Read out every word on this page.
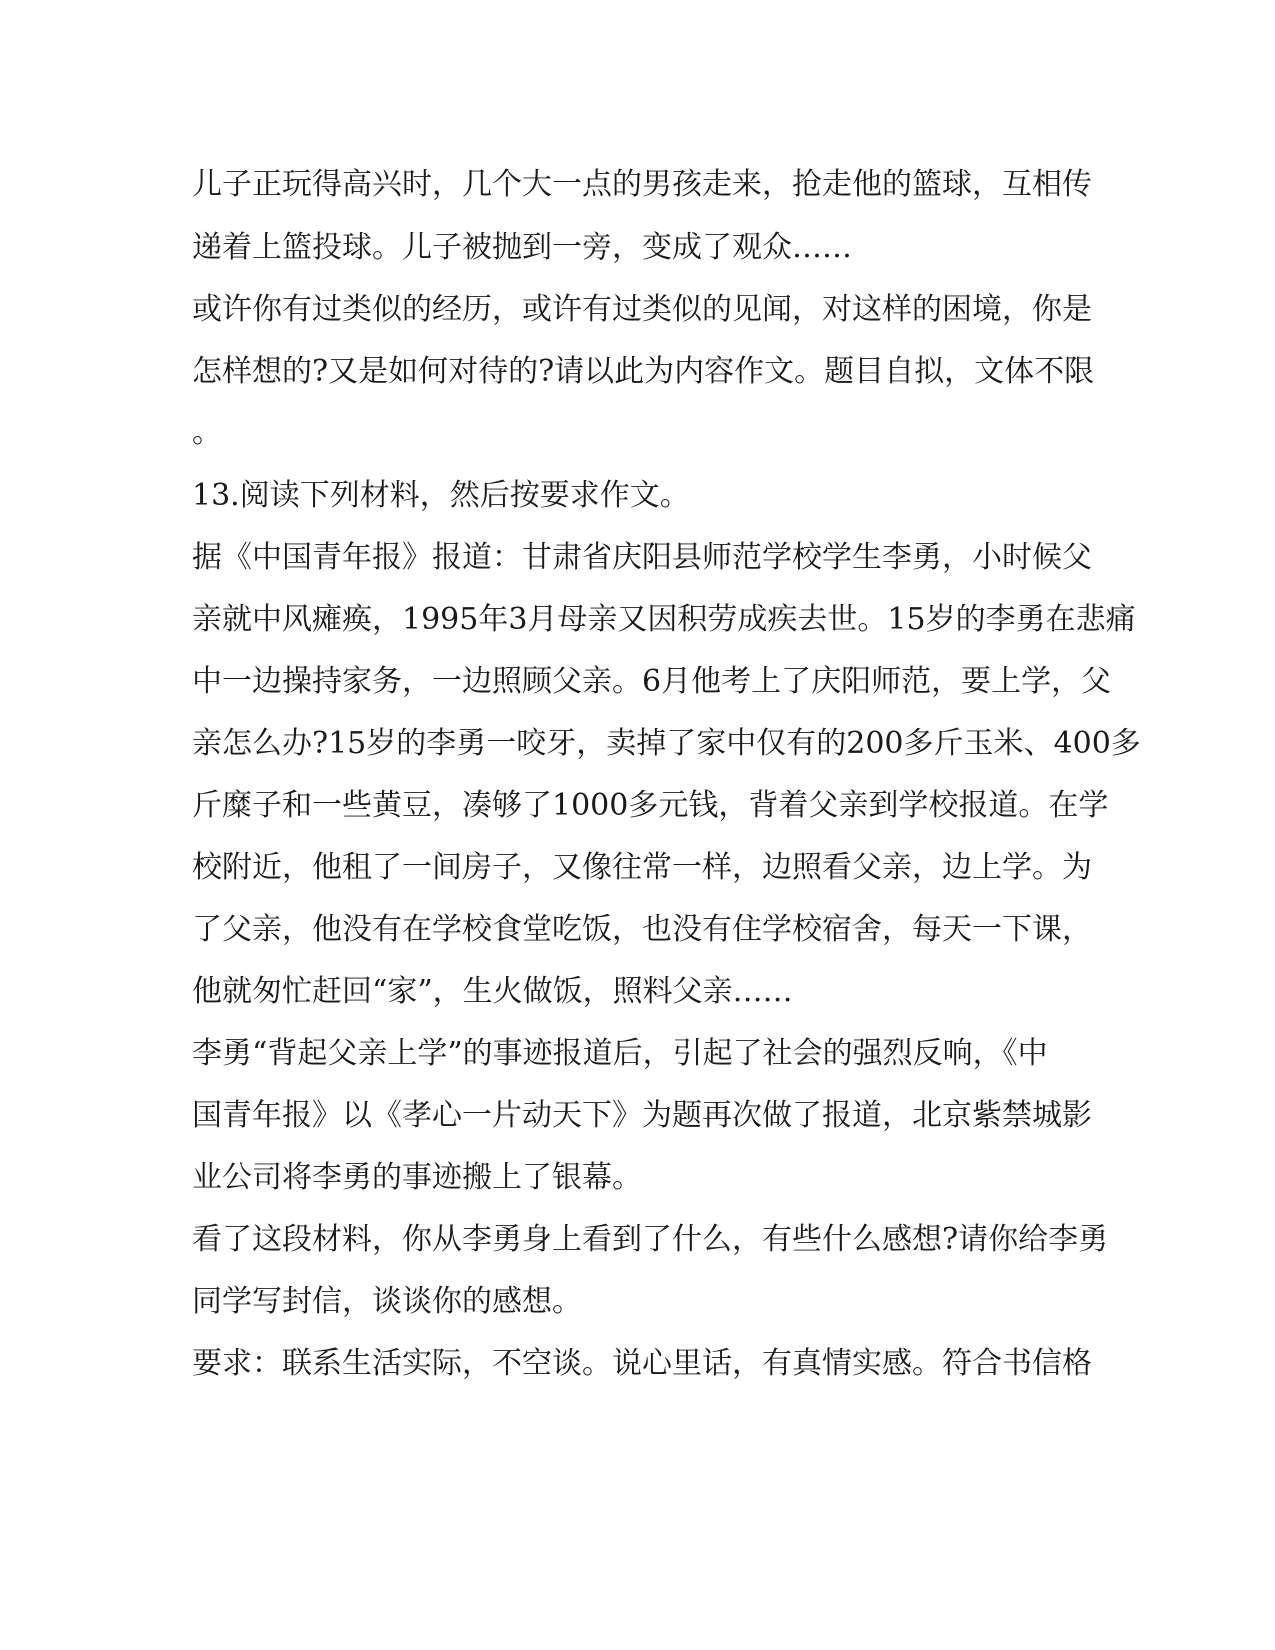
儿子正玩得高兴时，几个大一点的男孩走来，抢走他的篮球，互相传

递着上篮投球。儿子被抛到一旁，变成了观众……

或许你有过类似的经历，或许有过类似的见闻，对这样的困境，你是

怎样想的?又是如何对待的?请以此为内容作文。题目自拟，文体不限

。

13.阅读下列材料，然后按要求作文。

据《中国青年报》报道：甘肃省庆阳县师范学校学生李勇，小时候父

亲就中风瘫痪，1995年3月母亲又因积劳成疾去世。15岁的李勇在悲痛

中一边操持家务，一边照顾父亲。6月他考上了庆阳师范，要上学，父

亲怎么办?15岁的李勇一咬牙，卖掉了家中仅有的200多斤玉米、400多

斤糜子和一些黄豆，凑够了1000多元钱，背着父亲到学校报道。在学

校附近，他租了一间房子，又像往常一样，边照看父亲，边上学。为

了父亲，他没有在学校食堂吃饭，也没有住学校宿舍，每天一下课，

他就匆忙赶回“家”，生火做饭，照料父亲……

李勇“背起父亲上学”的事迹报道后，引起了社会的强烈反响，《中

国青年报》以《孝心一片动天下》为题再次做了报道，北京紫禁城影

业公司将李勇的事迹搬上了银幕。

看了这段材料，你从李勇身上看到了什么，有些什么感想?请你给李勇

同学写封信，谈谈你的感想。

要求：联系生活实际，不空谈。说心里话，有真情实感。符合书信格
